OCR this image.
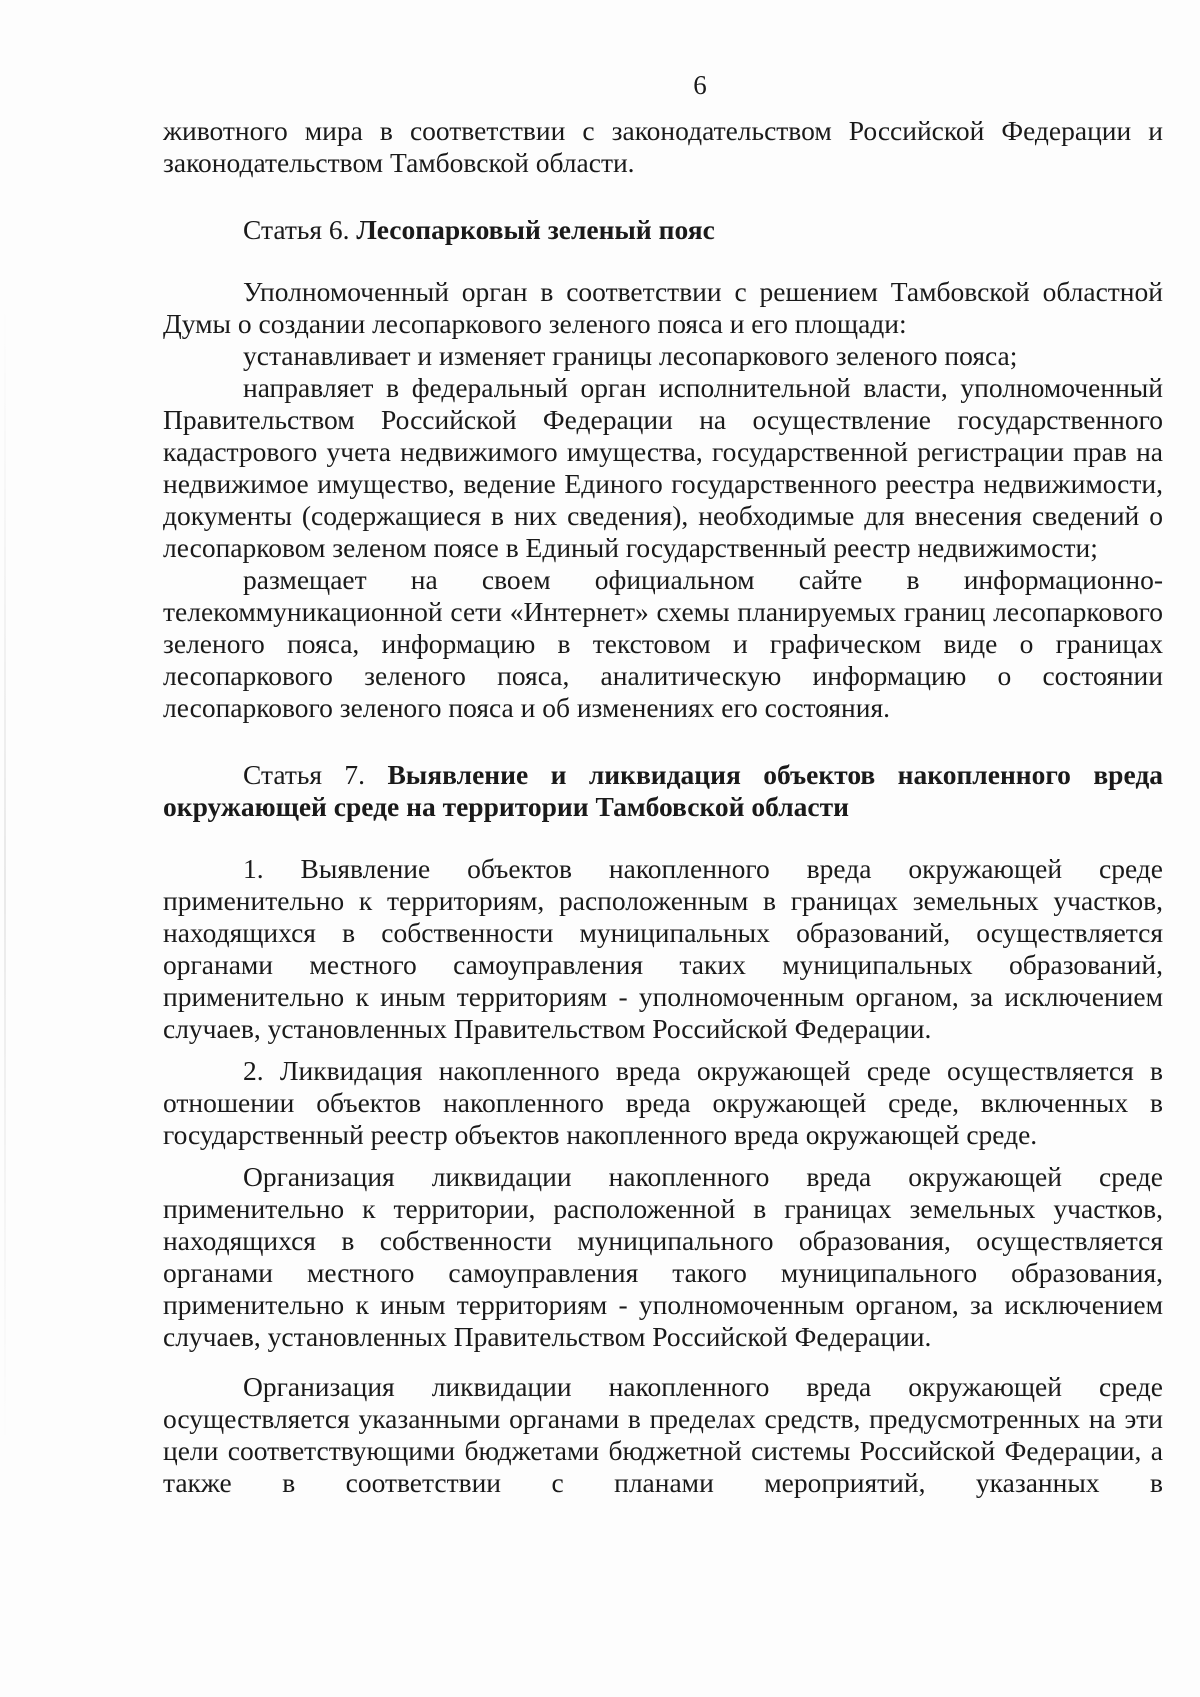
6

животного мира в соответствии с законодательством Российской Федерации и законодательством Тамбовской области.

Статья 6. Лесопарковый зеленый пояс

Уполномоченный орган в соответствии с решением Тамбовской областной Думы о создании лесопаркового зеленого пояса и его площади:

устанавливает и изменяет границы лесопаркового зеленого пояса;

направляет в федеральный орган исполнительной власти, уполномоченный Правительством Российской Федерации на осуществление государственного кадастрового учета недвижимого имущества, государственной регистрации прав на недвижимое имущество, ведение Единого государственного реестра недвижимости, документы (содержащиеся в них сведения), необходимые для внесения сведений о лесопарковом зеленом поясе в Единый государственный реестр недвижимости;

размещает на своем официальном сайте в информационно-телекоммуникационной сети «Интернет» схемы планируемых границ лесопаркового зеленого пояса, информацию в текстовом и графическом виде о границах лесопаркового зеленого пояса, аналитическую информацию о состоянии лесопаркового зеленого пояса и об изменениях его состояния.

Статья 7. Выявление и ликвидация объектов накопленного вреда окружающей среде на территории Тамбовской области

1. Выявление объектов накопленного вреда окружающей среде применительно к территориям, расположенным в границах земельных участков, находящихся в собственности муниципальных образований, осуществляется органами местного самоуправления таких муниципальных образований, применительно к иным территориям - уполномоченным органом, за исключением случаев, установленных Правительством Российской Федерации.

2. Ликвидация накопленного вреда окружающей среде осуществляется в отношении объектов накопленного вреда окружающей среде, включенных в государственный реестр объектов накопленного вреда окружающей среде.

Организация ликвидации накопленного вреда окружающей среде применительно к территории, расположенной в границах земельных участков, находящихся в собственности муниципального образования, осуществляется органами местного самоуправления такого муниципального образования, применительно к иным территориям - уполномоченным органом, за исключением случаев, установленных Правительством Российской Федерации.

Организация ликвидации накопленного вреда окружающей среде осуществляется указанными органами в пределах средств, предусмотренных на эти цели соответствующими бюджетами бюджетной системы Российской Федерации, а также в соответствии с планами мероприятий, указанных в
